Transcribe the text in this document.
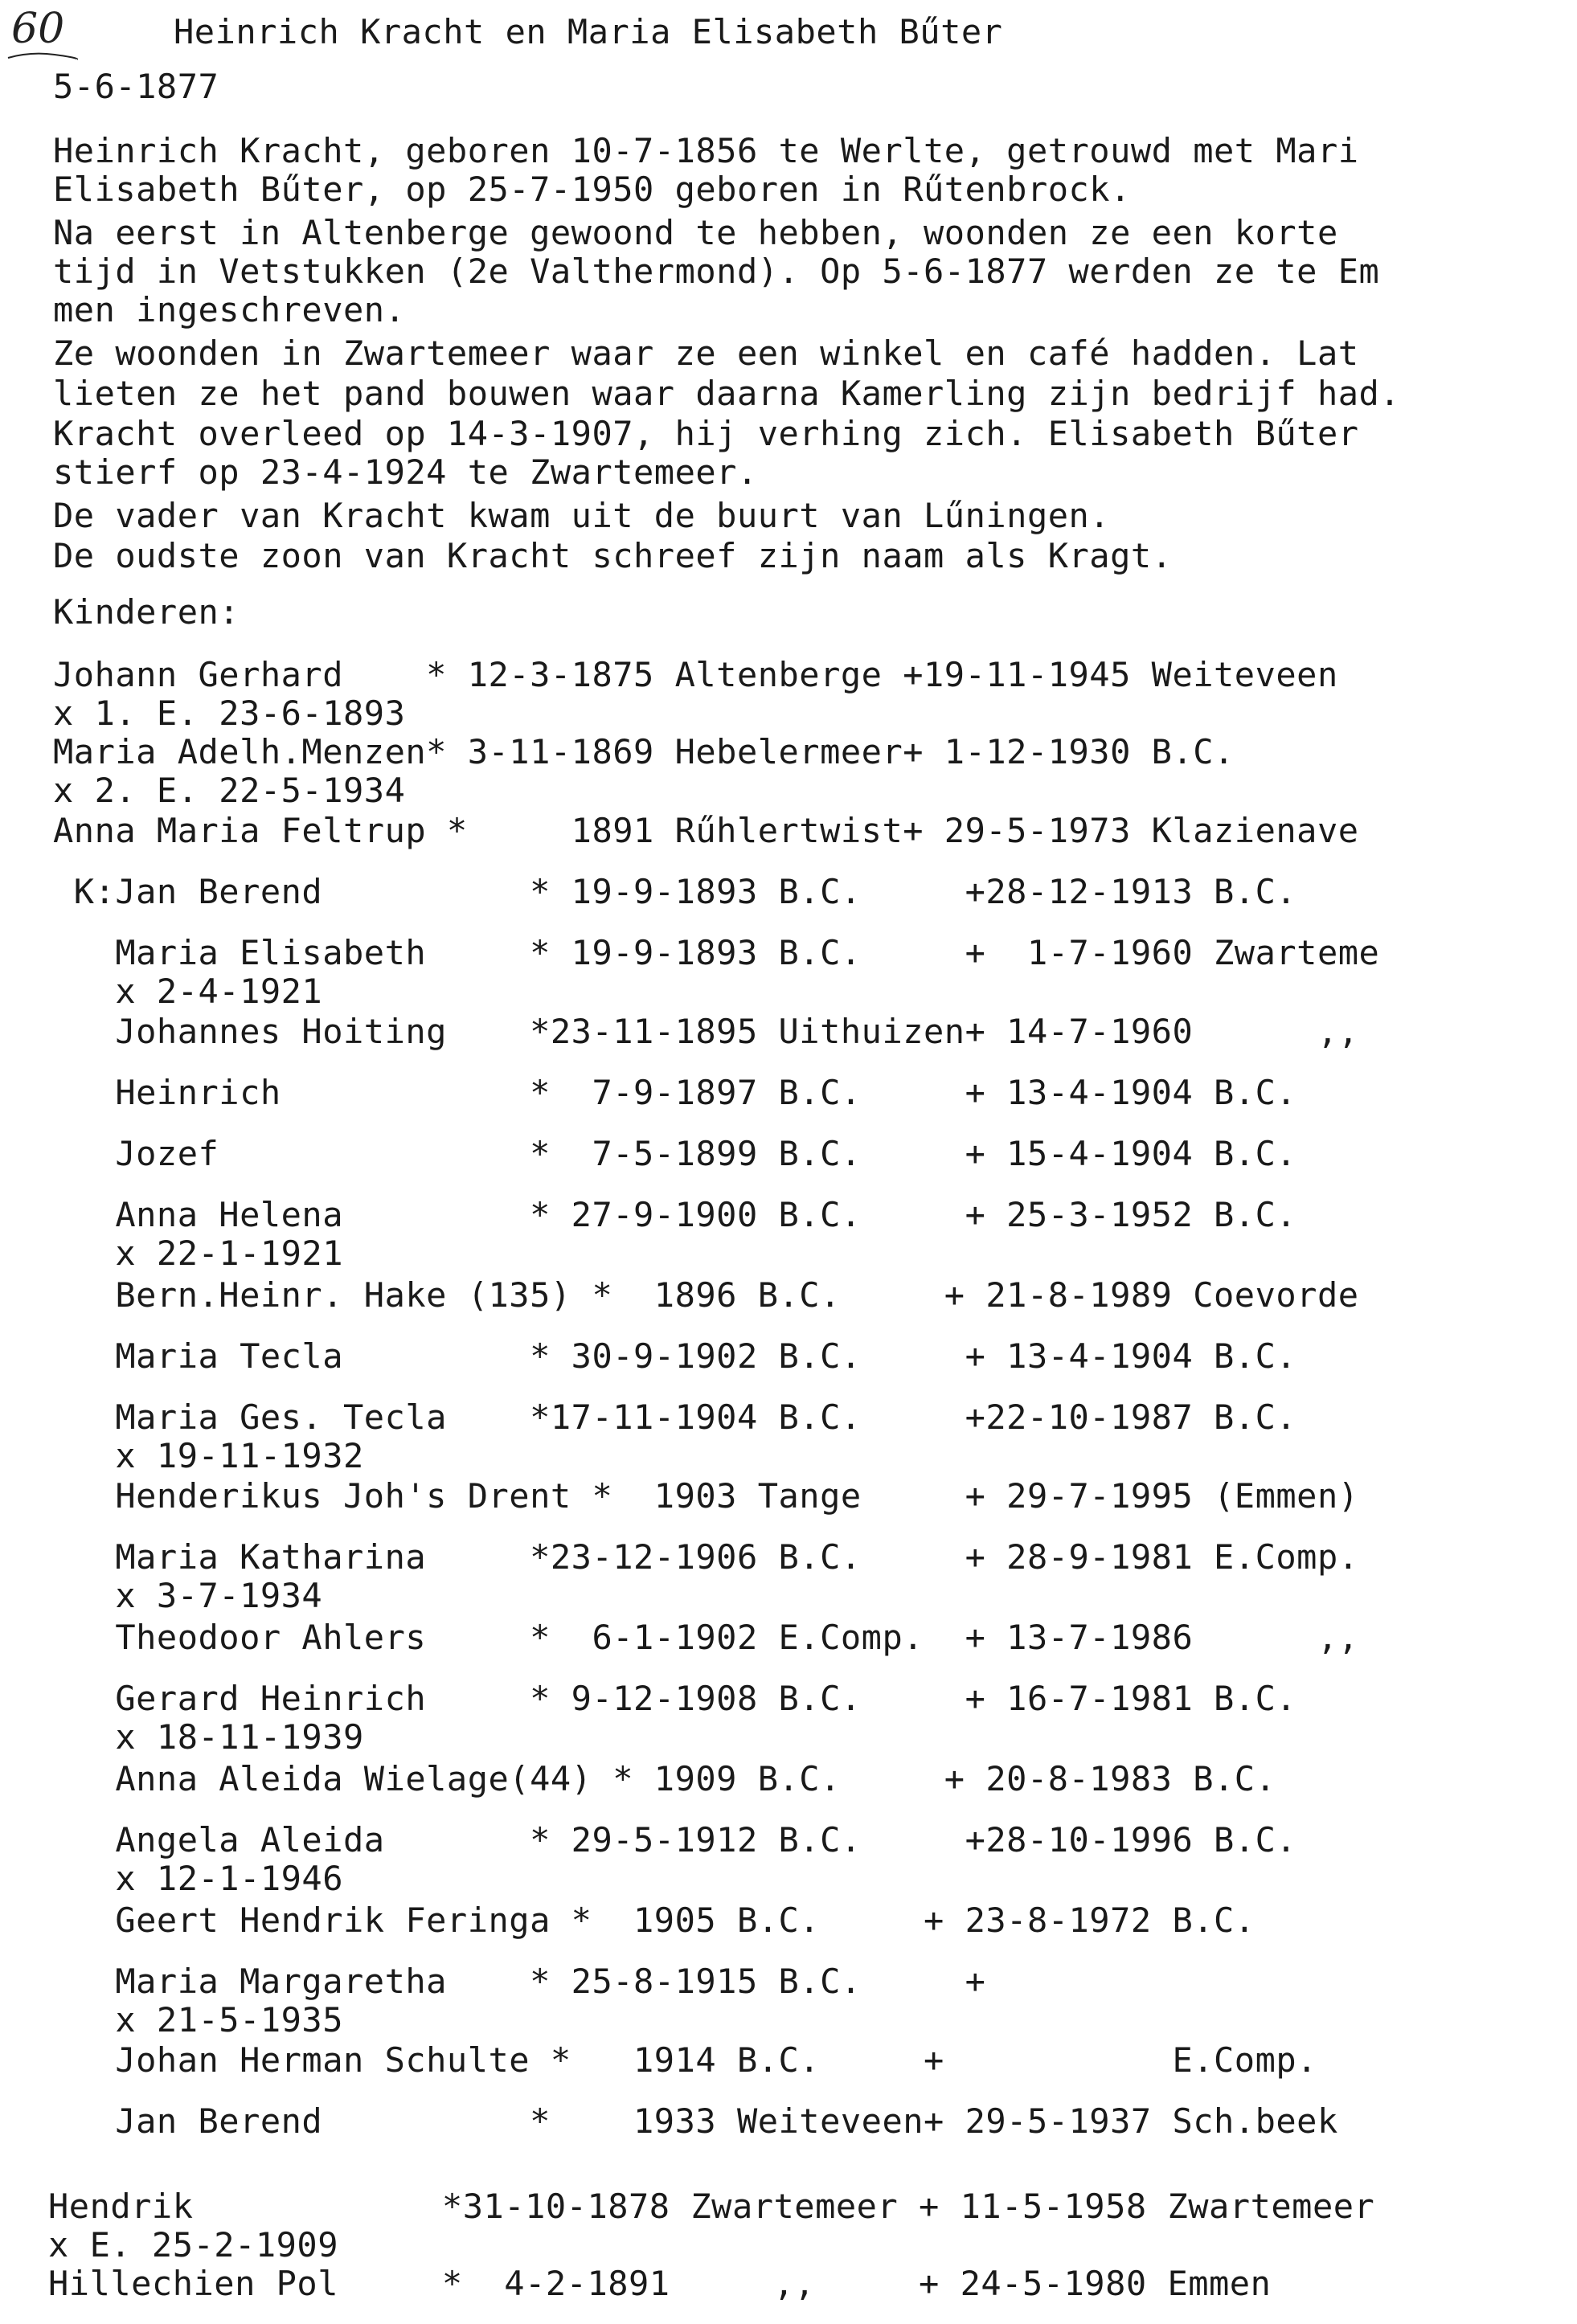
60	Heinrich Kracht en Maria Elisabeth Bűter
5-6-1877
Heinrich Kracht, geboren 10-7-1856 te Werlte, getrouwd met Mari
Elisabeth Bűter, op 25-7-1950 geboren in Rűtenbrock.
Na eerst in Altenberge gewoond te hebben, woonden ze een korte
tijd in Vetstukken (2e Valthermond). Op 5-6-1877 werden ze te Em
men ingeschreven.
Ze woonden in Zwartemeer waar ze een winkel en café hadden. Lat
lieten ze het pand bouwen waar daarna Kamerling zijn bedrijf had.
Kracht overleed op 14-3-1907, hij verhing zich. Elisabeth Bűter
stierf op 23-4-1924 te Zwartemeer.
De vader van Kracht kwam uit de buurt van Lűningen.
De oudste zoon van Kracht schreef zijn naam als Kragt.
Kinderen:
Johann Gerhard    * 12-3-1875 Altenberge +19-11-1945 Weiteveen
x 1. E. 23-6-1893
Maria Adelh.Menzen* 3-11-1869 Hebelermeer+ 1-12-1930 B.C.
x 2. E. 22-5-1934
Anna Maria Feltrup *     1891 Rűhlertwist+ 29-5-1973 Klazienave
K:Jan Berend          * 19-9-1893 B.C.     +28-12-1913 B.C.
Maria Elisabeth     * 19-9-1893 B.C.     +  1-7-1960 Zwarteme
x 2-4-1921
Johannes Hoiting    *23-11-1895 Uithuizen+ 14-7-1960      ,,
Heinrich            *  7-9-1897 B.C.     + 13-4-1904 B.C.
Jozef               *  7-5-1899 B.C.     + 15-4-1904 B.C.
Anna Helena         * 27-9-1900 B.C.     + 25-3-1952 B.C.
x 22-1-1921
Bern.Heinr. Hake (135) *  1896 B.C.     + 21-8-1989 Coevorde
Maria Tecla         * 30-9-1902 B.C.     + 13-4-1904 B.C.
Maria Ges. Tecla    *17-11-1904 B.C.     +22-10-1987 B.C.
x 19-11-1932
Henderikus Joh's Drent *  1903 Tange     + 29-7-1995 (Emmen)
Maria Katharina     *23-12-1906 B.C.     + 28-9-1981 E.Comp.
x 3-7-1934
Theodoor Ahlers     *  6-1-1902 E.Comp.  + 13-7-1986      ,,
Gerard Heinrich     * 9-12-1908 B.C.     + 16-7-1981 B.C.
x 18-11-1939
Anna Aleida Wielage(44) * 1909 B.C.     + 20-8-1983 B.C.
Angela Aleida       * 29-5-1912 B.C.     +28-10-1996 B.C.
x 12-1-1946
Geert Hendrik Feringa *  1905 B.C.     + 23-8-1972 B.C.
Maria Margaretha    * 25-8-1915 B.C.     +
x 21-5-1935
Johan Herman Schulte *   1914 B.C.     +           E.Comp.
Jan Berend          *    1933 Weiteveen+ 29-5-1937 Sch.beek
Hendrik            *31-10-1878 Zwartemeer + 11-5-1958 Zwartemeer
x E. 25-2-1909
Hillechien Pol     *  4-2-1891     ,,     + 24-5-1980 Emmen
